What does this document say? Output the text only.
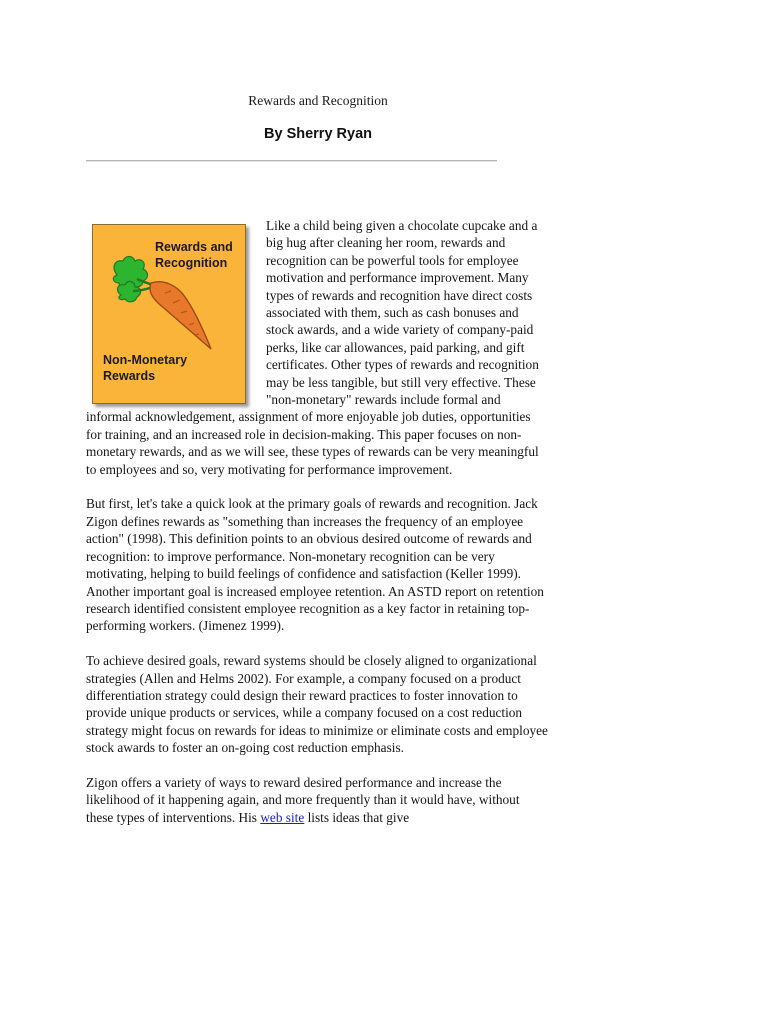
Rewards and Recognition
By Sherry Ryan
Rewards and
Recognition
Non-Monetary
Rewards

Like a child being given a chocolate cupcake and a big hug after cleaning her room, rewards and recognition can be powerful tools for employee motivation and performance improvement. Many types of rewards and recognition have direct costs associated with them, such as cash bonuses and stock awards, and a wide variety of company-paid perks, like car allowances, paid parking, and gift certificates. Other types of rewards and recognition may be less tangible, but still very effective. These "non-monetary" rewards include formal and informal acknowledgement, assignment of more enjoyable job duties, opportunities for training, and an increased role in decision-making. This paper focuses on non-monetary rewards, and as we will see, these types of rewards can be very meaningful to employees and so, very motivating for performance improvement.

But first, let's take a quick look at the primary goals of rewards and recognition. Jack Zigon defines rewards as "something than increases the frequency of an employee action" (1998). This definition points to an obvious desired outcome of rewards and recognition: to improve performance. Non-monetary recognition can be very motivating, helping to build feelings of confidence and satisfaction (Keller 1999). Another important goal is increased employee retention. An ASTD report on retention research identified consistent employee recognition as a key factor in retaining top-performing workers. (Jimenez 1999).

To achieve desired goals, reward systems should be closely aligned to organizational strategies (Allen and Helms 2002). For example, a company focused on a product differentiation strategy could design their reward practices to foster innovation to provide unique products or services, while a company focused on a cost reduction strategy might focus on rewards for ideas to minimize or eliminate costs and employee stock awards to foster an on-going cost reduction emphasis.

Zigon offers a variety of ways to reward desired performance and increase the likelihood of it happening again, and more frequently than it would have, without these types of interventions. His web site lists ideas that give
